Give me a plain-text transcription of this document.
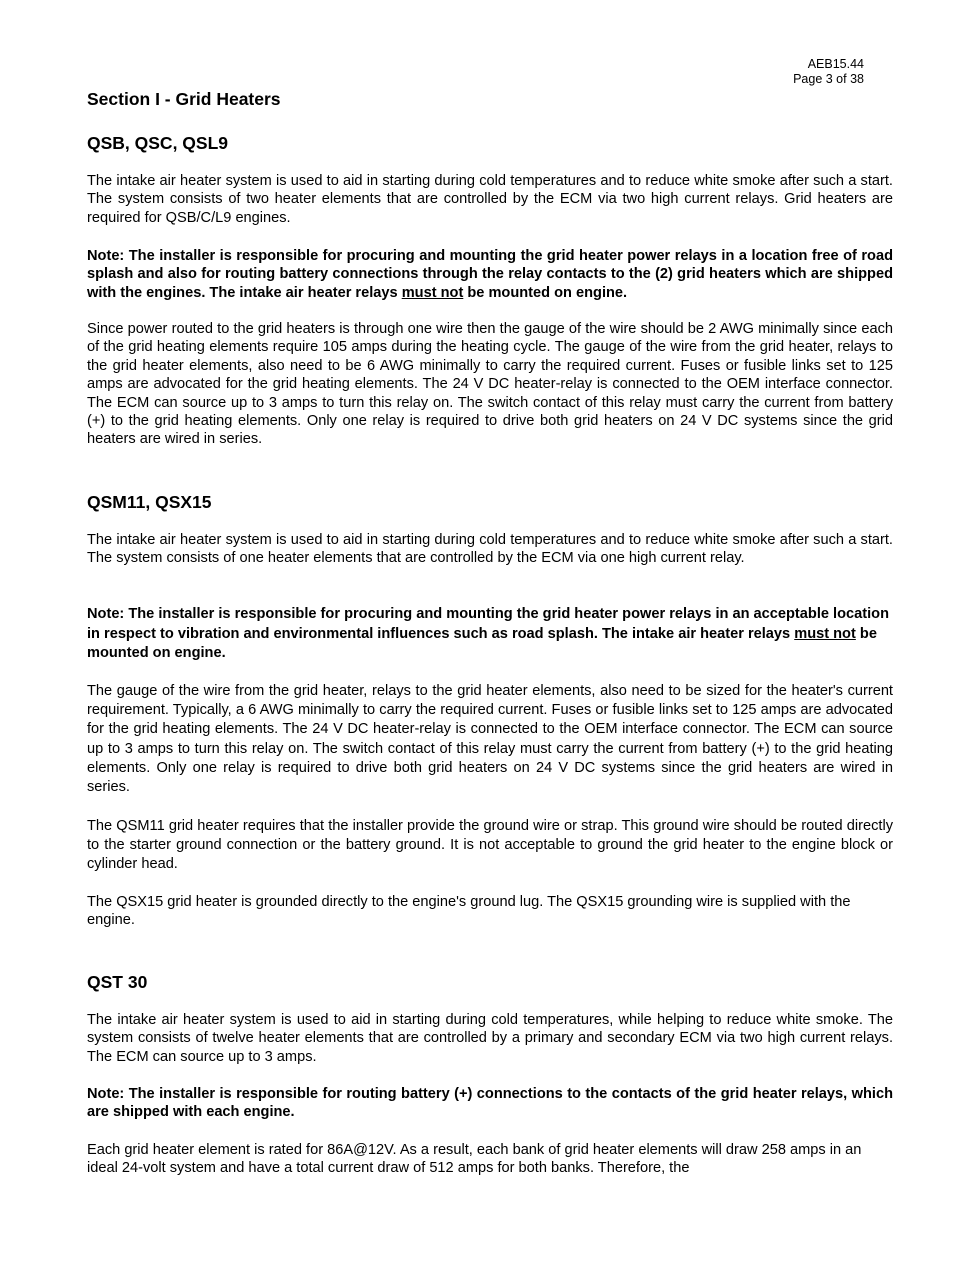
AEB15.44
Page 3 of 38
Section I - Grid Heaters
QSB, QSC, QSL9

The intake air heater system is used to aid in starting during cold temperatures and to reduce white smoke after such a start. The system consists of two heater elements that are controlled by the ECM via two high current relays. Grid heaters are required for QSB/C/L9 engines.

Note: The installer is responsible for procuring and mounting the grid heater power relays in a location free of road splash and also for routing battery connections through the relay contacts to the (2) grid heaters which are shipped with the engines. The intake air heater relays must not be mounted on engine.

Since power routed to the grid heaters is through one wire then the gauge of the wire should be 2 AWG minimally since each of the grid heating elements require 105 amps during the heating cycle. The gauge of the wire from the grid heater, relays to the grid heater elements, also need to be 6 AWG minimally to carry the required current. Fuses or fusible links set to 125 amps are advocated for the grid heating elements. The 24 V DC heater-relay is connected to the OEM interface connector. The ECM can source up to 3 amps to turn this relay on. The switch contact of this relay must carry the current from battery (+) to the grid heating elements. Only one relay is required to drive both grid heaters on 24 V DC systems since the grid heaters are wired in series.

QSM11, QSX15

The intake air heater system is used to aid in starting during cold temperatures and to reduce white smoke after such a start. The system consists of one heater elements that are controlled by the ECM via one high current relay.

Note: The installer is responsible for procuring and mounting the grid heater power relays in an acceptable location in respect to vibration and environmental influences such as road splash. The intake air heater relays must not be mounted on engine.

The gauge of the wire from the grid heater, relays to the grid heater elements, also need to be sized for the heater's current requirement. Typically, a 6 AWG minimally to carry the required current. Fuses or fusible links set to 125 amps are advocated for the grid heating elements. The 24 V DC heater-relay is connected to the OEM interface connector. The ECM can source up to 3 amps to turn this relay on. The switch contact of this relay must carry the current from battery (+) to the grid heating elements. Only one relay is required to drive both grid heaters on 24 V DC systems since the grid heaters are wired in series.

The QSM11 grid heater requires that the installer provide the ground wire or strap. This ground wire should be routed directly to the starter ground connection or the battery ground. It is not acceptable to ground the grid heater to the engine block or cylinder head.

The QSX15 grid heater is grounded directly to the engine's ground lug. The QSX15 grounding wire is supplied with the engine.

QST 30

The intake air heater system is used to aid in starting during cold temperatures, while helping to reduce white smoke. The system consists of twelve heater elements that are controlled by a primary and secondary ECM via two high current relays. The ECM can source up to 3 amps.

Note: The installer is responsible for routing battery (+) connections to the contacts of the grid heater relays, which are shipped with each engine.

Each grid heater element is rated for 86A@12V. As a result, each bank of grid heater elements will draw 258 amps in an ideal 24-volt system and have a total current draw of 512 amps for both banks. Therefore, the
